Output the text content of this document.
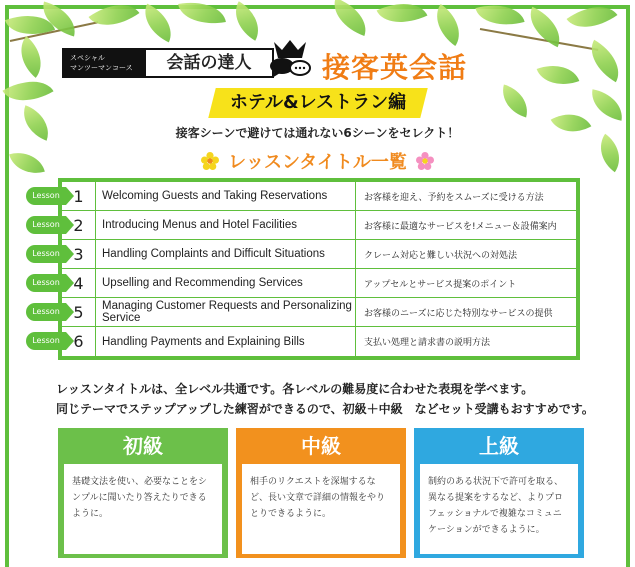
スペシャル
マンツーマンコース	会話の達人	接客英会話
ホテル&レストラン編
接客シーンで避けては通れない6シーンをセレクト！
レッスンタイトル一覧
1	Welcoming Guests and Taking Reservations	お客様を迎え、予約をスムーズに受ける方法
2	Introducing Menus and Hotel Facilities	お客様に最適なサービスを!メニュー＆設備案内
3	Handling Complaints and Difficult Situations	クレーム対応と難しい状況への対処法
4	Upselling and Recommending Services	アップセルとサービス提案のポイント
5	Managing Customer Requests and Personalizing Service	お客様のニーズに応じた特別なサービスの提供
6	Handling Payments and Explaining Bills	支払い処理と請求書の説明方法
Lesson
Lesson
Lesson
Lesson
Lesson
Lesson
レッスンタイトルは、全レベル共通です。各レベルの難易度に合わせた表現を学べます。
同じテーマでステップアップした練習ができるので、初級＋中級　などセット受講もおすすめです。
初級
基礎文法を使い、必要なことをシンプルに聞いたり答えたりできるように。
中級
相手のリクエストを深堀するなど、長い文章で詳細の情報をやりとりできるように。
上級
制約のある状況下で許可を取る、異なる提案をするなど、よりプロフェッショナルで複雑なコミュニケーションができるように。
